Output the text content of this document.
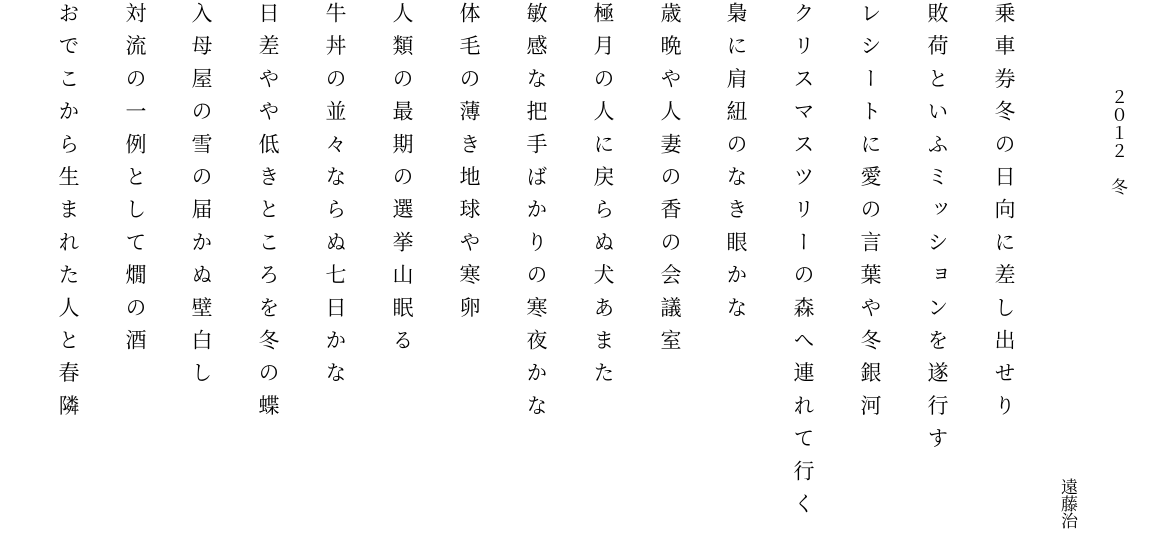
２０１２　冬
遠藤治
乗車券冬の日向に差し出せり
敗荷といふミッションを遂行す
レシートに愛の言葉や冬銀河
クリスマスツリーの森へ連れて行く
梟に肩紐のなき眼かな
歳晩や人妻の香の会議室
極月の人に戻らぬ犬あまた
敏感な把手ばかりの寒夜かな
体毛の薄き地球や寒卵
人類の最期の選挙山眠る
牛丼の並々ならぬ七日かな
日差やや低きところを冬の蝶
入母屋の雪の届かぬ壁白し
対流の一例として燗の酒
おでこから生まれた人と春隣
